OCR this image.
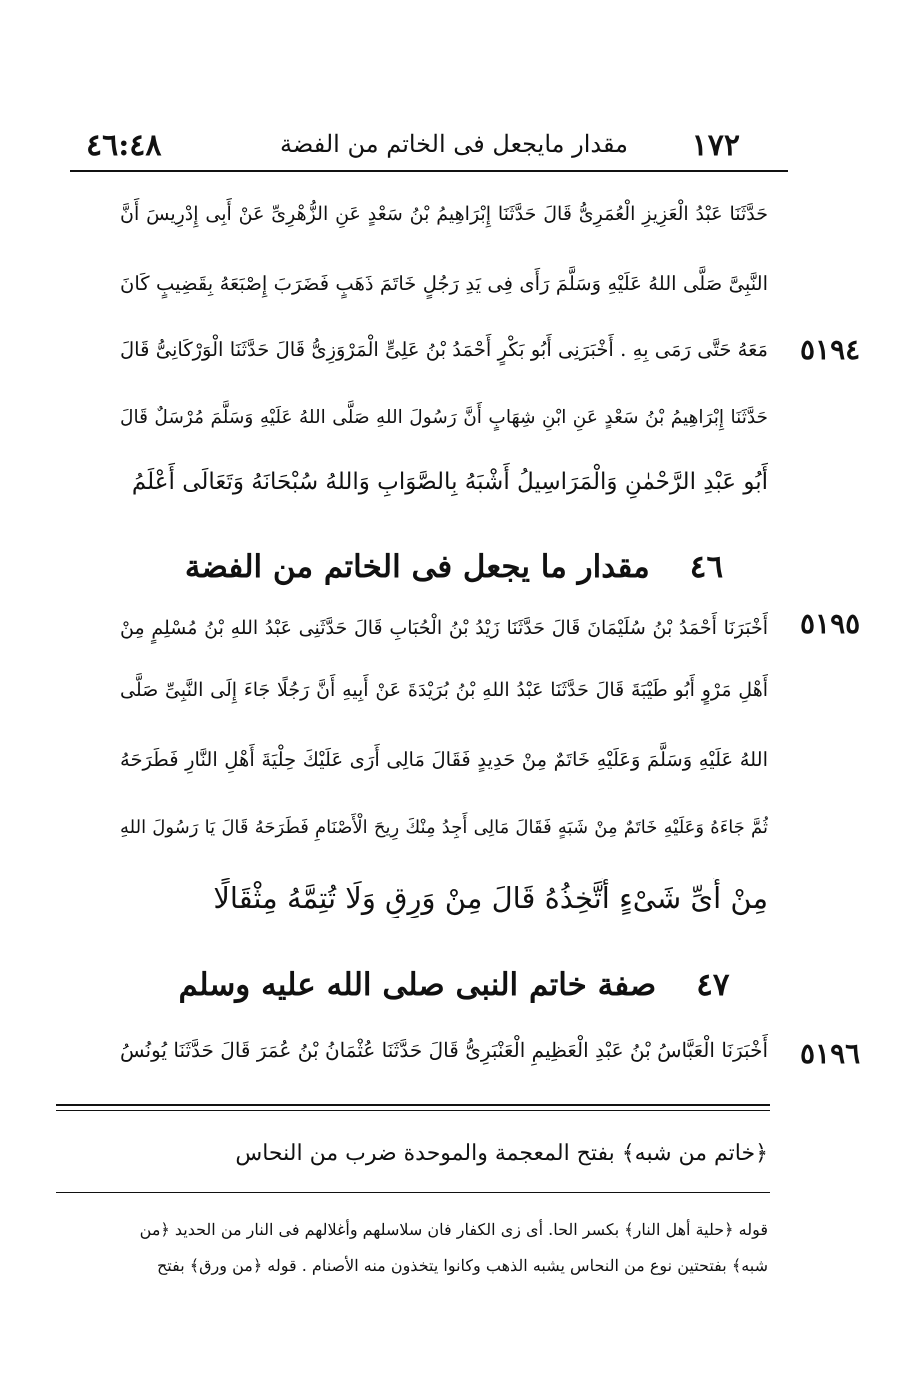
١٧٢
مقدار مايجعل فى الخاتم من الفضة
٤٦:٤٨
حَدَّثَنَا عَبْدُ الْعَزِيزِ الْعُمَرِىُّ قَالَ حَدَّثَنَا إِبْرَاهِيمُ بْنُ سَعْدٍ عَنِ الزُّهْرِىِّ عَنْ أَبِى إِدْرِيسَ أَنَّ
النَّبِىَّ صَلَّى اللهُ عَلَيْهِ وَسَلَّمَ رَأَى فِى يَدِ رَجُلٍ خَاتَمَ ذَهَبٍ فَضَرَبَ إِصْبَعَهُ بِقَضِيبٍ كَانَ
مَعَهُ حَتَّى رَمَى بِهِ . أَخْبَرَنِى أَبُو بَكْرٍ أَحْمَدُ بْنُ عَلِىٍّ الْمَرْوَزِىُّ قَالَ حَدَّثَنَا الْوَرْكَانِىُّ قَالَ ٥١٩٤
حَدَّثَنَا إِبْرَاهِيمُ بْنُ سَعْدٍ عَنِ ابْنِ شِهَابٍ أَنَّ رَسُولَ اللهِ صَلَّى اللهُ عَلَيْهِ وَسَلَّمَ مُرْسَلٌ قَالَ
أَبُو عَبْدِ الرَّحْمٰنِ وَالْمَرَاسِيلُ أَشْبَهُ بِالصَّوَابِ وَاللهُ سُبْحَانَهُ وَتَعَالَى أَعْلَمُ
٤٦مقدار ما يجعل فى الخاتم من الفضة
أَخْبَرَنَا أَحْمَدُ بْنُ سُلَيْمَانَ قَالَ حَدَّثَنَا زَيْدُ بْنُ الْحُبَابِ قَالَ حَدَّثَنِى عَبْدُ اللهِ بْنُ مُسْلِمٍ مِنْ ٥١٩٥
أَهْلِ مَرْوٍ أَبُو طَيْبَةَ قَالَ حَدَّثَنَا عَبْدُ اللهِ بْنُ بُرَيْدَةَ عَنْ أَبِيهِ أَنَّ رَجُلًا جَاءَ إِلَى النَّبِىِّ صَلَّى
اللهُ عَلَيْهِ وَسَلَّمَ وَعَلَيْهِ خَاتَمٌ مِنْ حَدِيدٍ فَقَالَ مَالِى أَرَى عَلَيْكَ حِلْيَةَ أَهْلِ النَّارِ فَطَرَحَهُ
ثُمَّ جَاءَهُ وَعَلَيْهِ خَاتَمٌ مِنْ شَبَهٍ فَقَالَ مَالِى أَجِدُ مِنْكَ رِيحَ الْأَصْنَامِ فَطَرَحَهُ قَالَ يَا رَسُولَ اللهِ
مِنْ أَىِّ شَىْءٍ أَتَّخِذُهُ قَالَ مِنْ وَرِقٍ وَلَا تُتِمَّهُ مِثْقَالًا
٤٧صفة خاتم النبى صلى الله عليه وسلم
أَخْبَرَنَا الْعَبَّاسُ بْنُ عَبْدِ الْعَظِيمِ الْعَنْبَرِىُّ قَالَ حَدَّثَنَا عُثْمَانُ بْنُ عُمَرَ قَالَ حَدَّثَنَا يُونُسُ ٥١٩٦
﴿خاتم من شبه﴾ بفتح المعجمة والموحدة ضرب من النحاس
قوله ﴿حلية أهل النار﴾ بكسر الحا. أى زى الكفار فان سلاسلهم وأغلالهم فى النار من الحديد ﴿من
شبه﴾ بفتحتين نوع من النحاس يشبه الذهب وكانوا يتخذون منه الأصنام . قوله ﴿من ورق﴾ بفتح
